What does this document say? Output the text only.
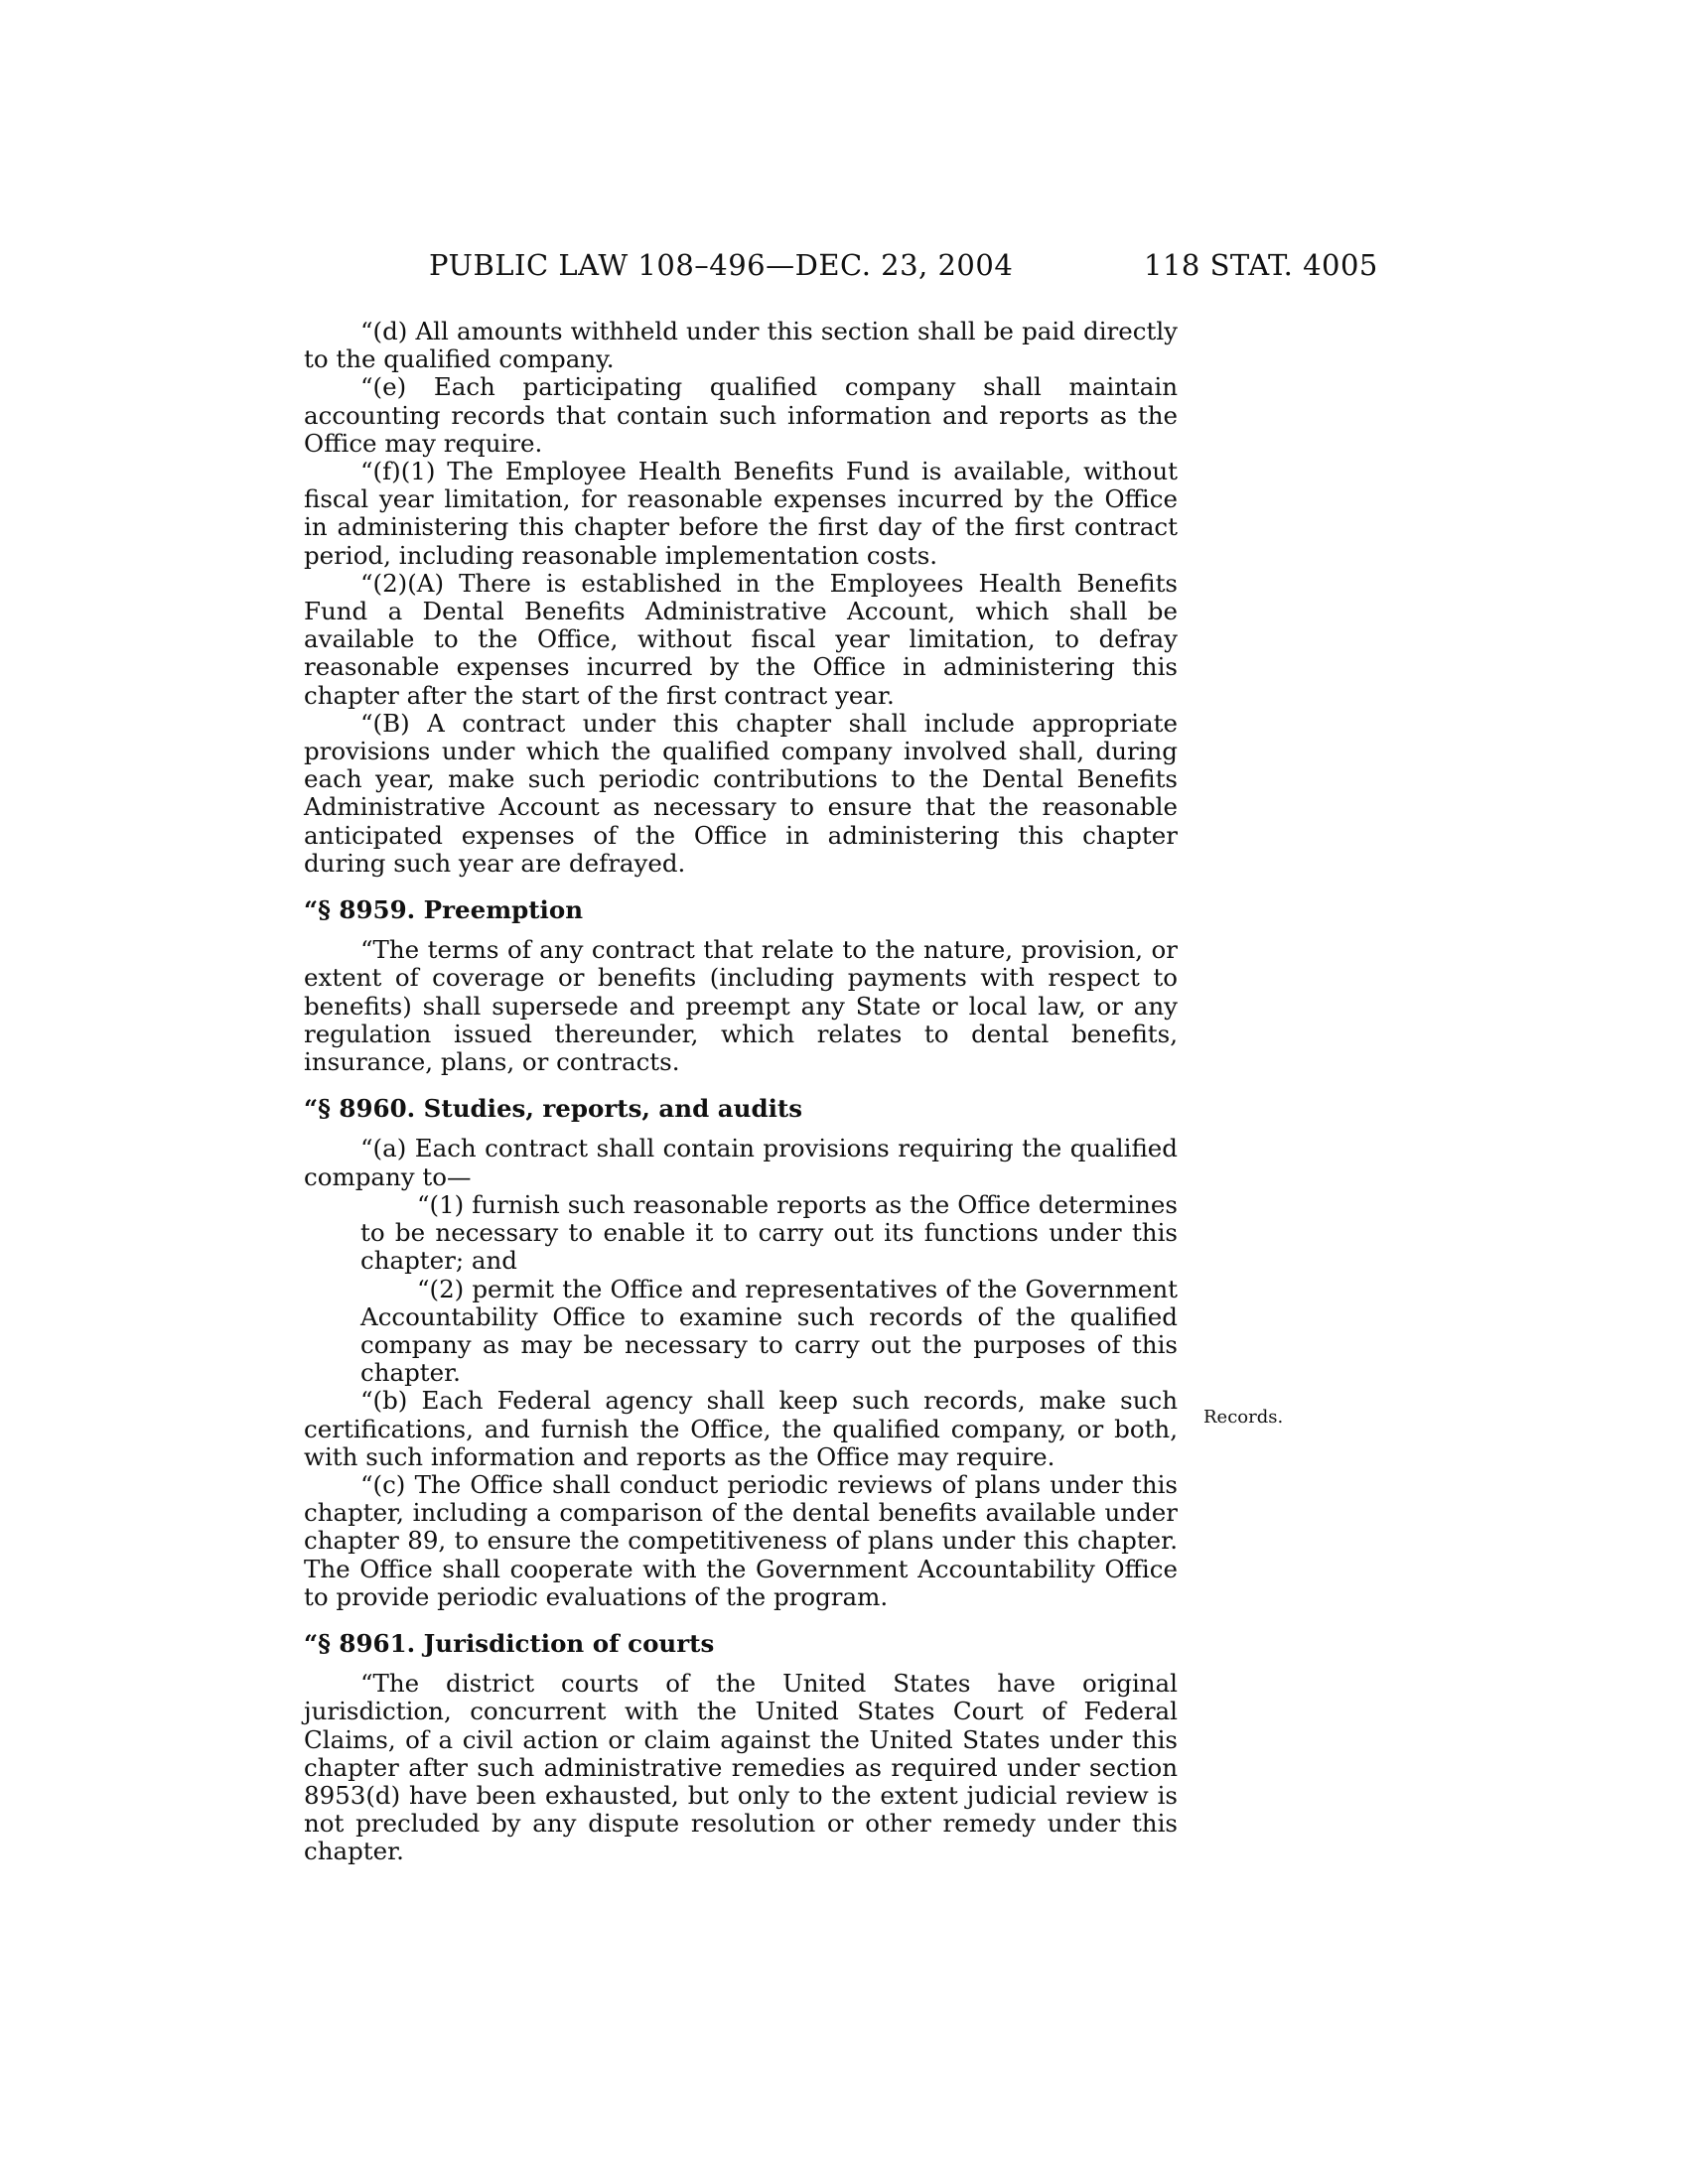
PUBLIC LAW 108–496—DEC. 23, 2004	118 STAT. 4005

“(d) All amounts withheld under this section shall be paid directly to the qualified company.

“(e) Each participating qualified company shall maintain accounting records that contain such information and reports as the Office may require.

“(f)(1) The Employee Health Benefits Fund is available, without fiscal year limitation, for reasonable expenses incurred by the Office in administering this chapter before the first day of the first contract period, including reasonable implementation costs.

“(2)(A) There is established in the Employees Health Benefits Fund a Dental Benefits Administrative Account, which shall be available to the Office, without fiscal year limitation, to defray reasonable expenses incurred by the Office in administering this chapter after the start of the first contract year.

“(B) A contract under this chapter shall include appropriate provisions under which the qualified company involved shall, during each year, make such periodic contributions to the Dental Benefits Administrative Account as necessary to ensure that the reasonable anticipated expenses of the Office in administering this chapter during such year are defrayed.

“§ 8959. Preemption

“The terms of any contract that relate to the nature, provision, or extent of coverage or benefits (including payments with respect to benefits) shall supersede and preempt any State or local law, or any regulation issued thereunder, which relates to dental benefits, insurance, plans, or contracts.

“§ 8960. Studies, reports, and audits

“(a) Each contract shall contain provisions requiring the qualified company to—

“(1) furnish such reasonable reports as the Office determines to be necessary to enable it to carry out its functions under this chapter; and

“(2) permit the Office and representatives of the Government Accountability Office to examine such records of the qualified company as may be necessary to carry out the purposes of this chapter.

“(b) Each Federal agency shall keep such records, make such certifications, and furnish the Office, the qualified company, or both, with such information and reports as the Office may require.

“(c) The Office shall conduct periodic reviews of plans under this chapter, including a comparison of the dental benefits available under chapter 89, to ensure the competitiveness of plans under this chapter. The Office shall cooperate with the Government Accountability Office to provide periodic evaluations of the program.

“§ 8961. Jurisdiction of courts

“The district courts of the United States have original jurisdiction, concurrent with the United States Court of Federal Claims, of a civil action or claim against the United States under this chapter after such administrative remedies as required under section 8953(d) have been exhausted, but only to the extent judicial review is not precluded by any dispute resolution or other remedy under this chapter.

Records.
